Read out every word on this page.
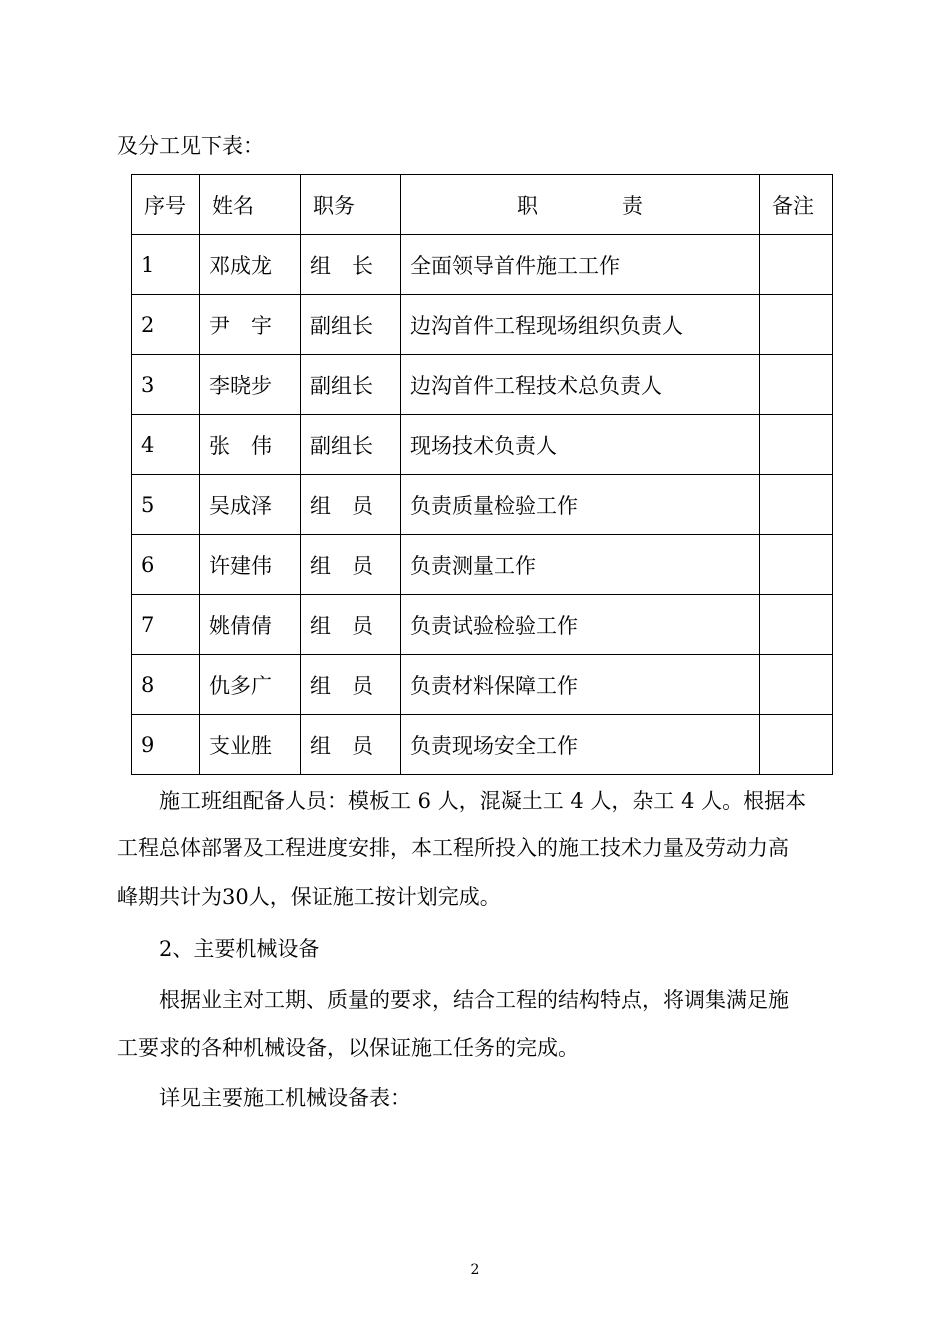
及分工见下表：
序号	姓名	职务	职　　　　责	备注
1	邓成龙	组　长	全面领导首件施工工作	
2	尹　宇	副组长	边沟首件工程现场组织负责人	
3	李晓步	副组长	边沟首件工程技术总负责人	
4	张　伟	副组长	现场技术负责人	
5	吴成泽	组　员	负责质量检验工作	
6	许建伟	组　员	负责测量工作	
7	姚倩倩	组　员	负责试验检验工作	
8	仇多广	组　员	负责材料保障工作	
9	支业胜	组　员	负责现场安全工作	
施工班组配备人员：模板工 6 人，混凝土工 4 人，杂工 4 人。根据本
工程总体部署及工程进度安排，本工程所投入的施工技术力量及劳动力高
峰期共计为30人，保证施工按计划完成。
2、主要机械设备
根据业主对工期、质量的要求，结合工程的结构特点，将调集满足施
工要求的各种机械设备，以保证施工任务的完成。
详见主要施工机械设备表：
2
